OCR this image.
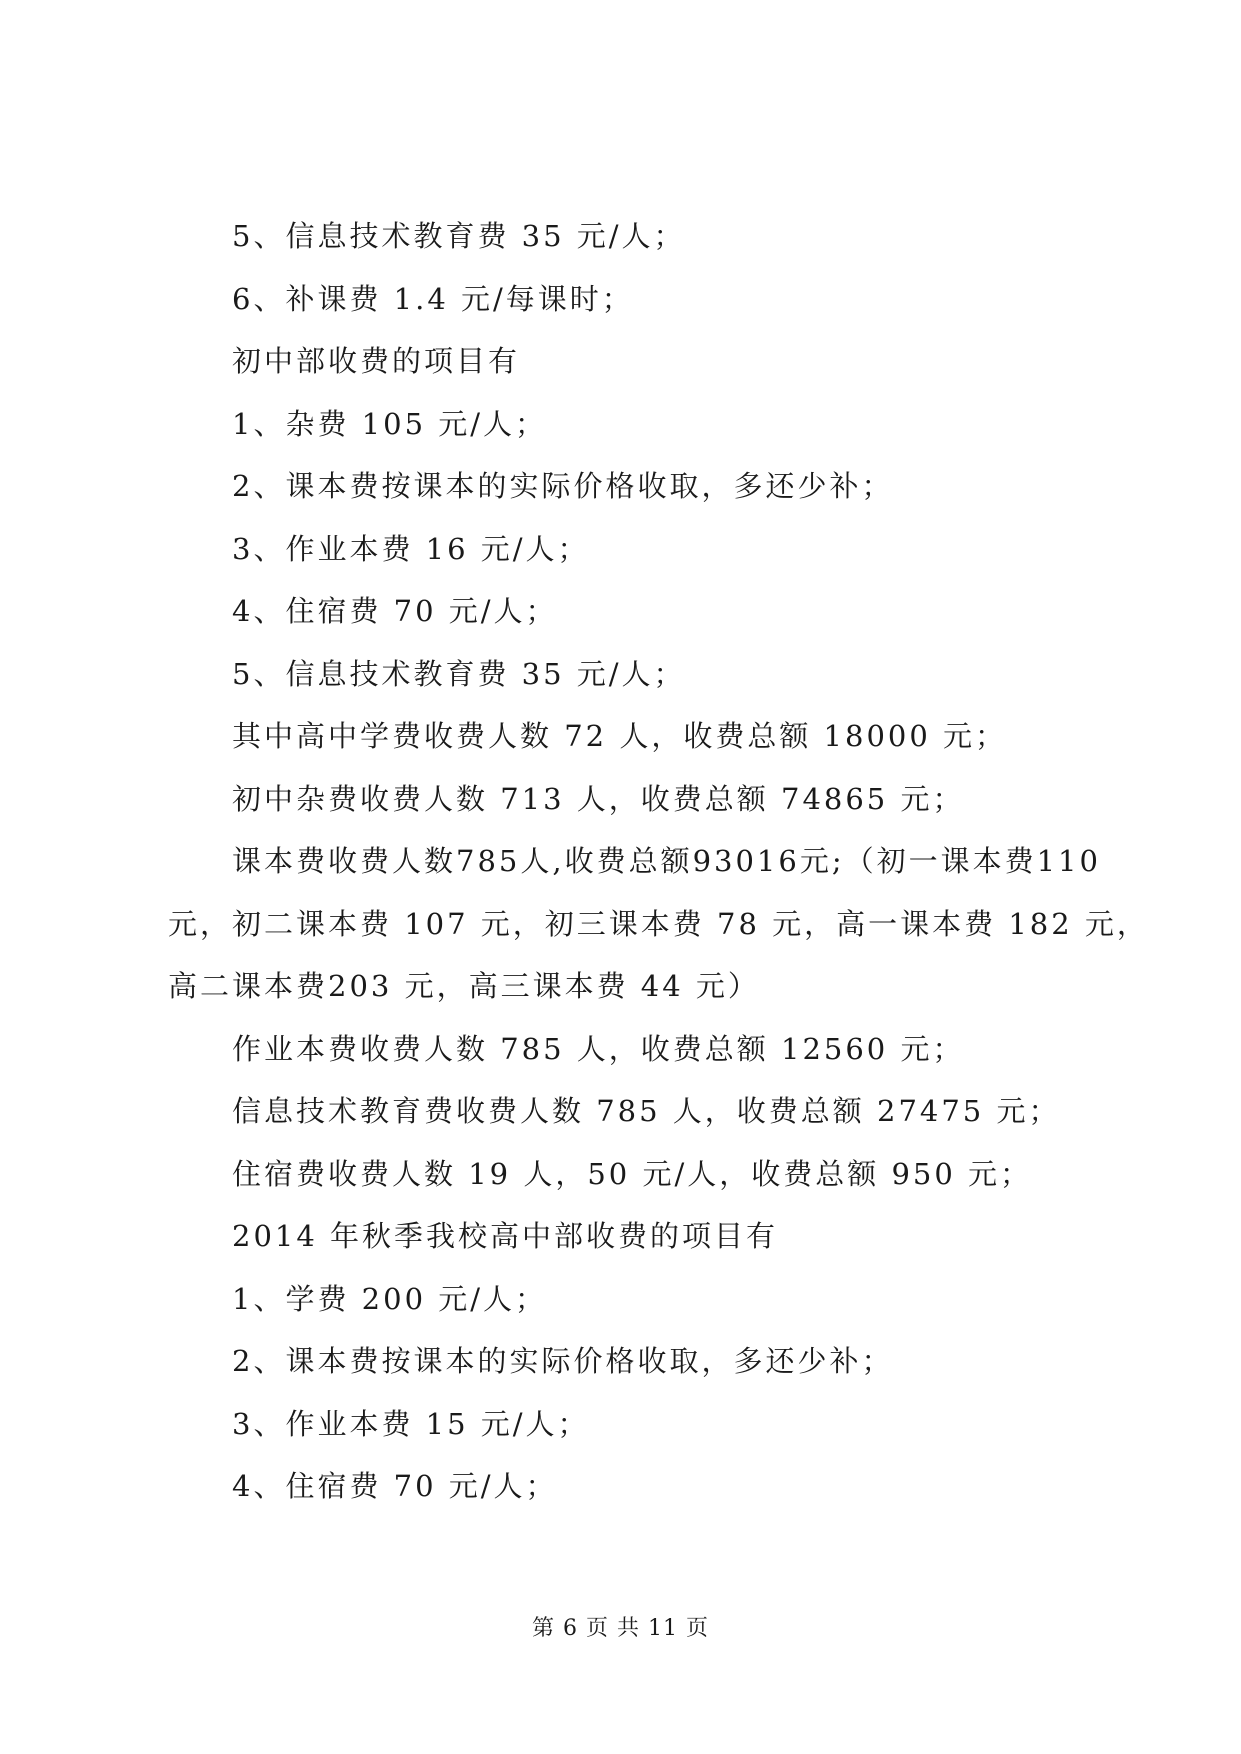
5、信息技术教育费 35 元/人；
6、补课费 1.4 元/每课时；
初中部收费的项目有
1、杂费 105 元/人；
2、课本费按课本的实际价格收取，多还少补；
3、作业本费 16 元/人；
4、住宿费 70 元/人；
5、信息技术教育费 35 元/人；
其中高中学费收费人数 72 人，收费总额 18000 元；
初中杂费收费人数 713 人，收费总额 74865 元；
课本费收费人数785人,收费总额93016元;（初一课本费110
元，初二课本费 107 元，初三课本费 78 元，高一课本费 182 元，
高二课本费203 元，高三课本费 44 元）
作业本费收费人数 785 人，收费总额 12560 元；
信息技术教育费收费人数 785 人，收费总额 27475 元；
住宿费收费人数 19 人，50 元/人，收费总额 950 元；
2014 年秋季我校高中部收费的项目有
1、学费 200 元/人；
2、课本费按课本的实际价格收取，多还少补；
3、作业本费 15 元/人；
4、住宿费 70 元/人；
第 6 页 共 11 页
